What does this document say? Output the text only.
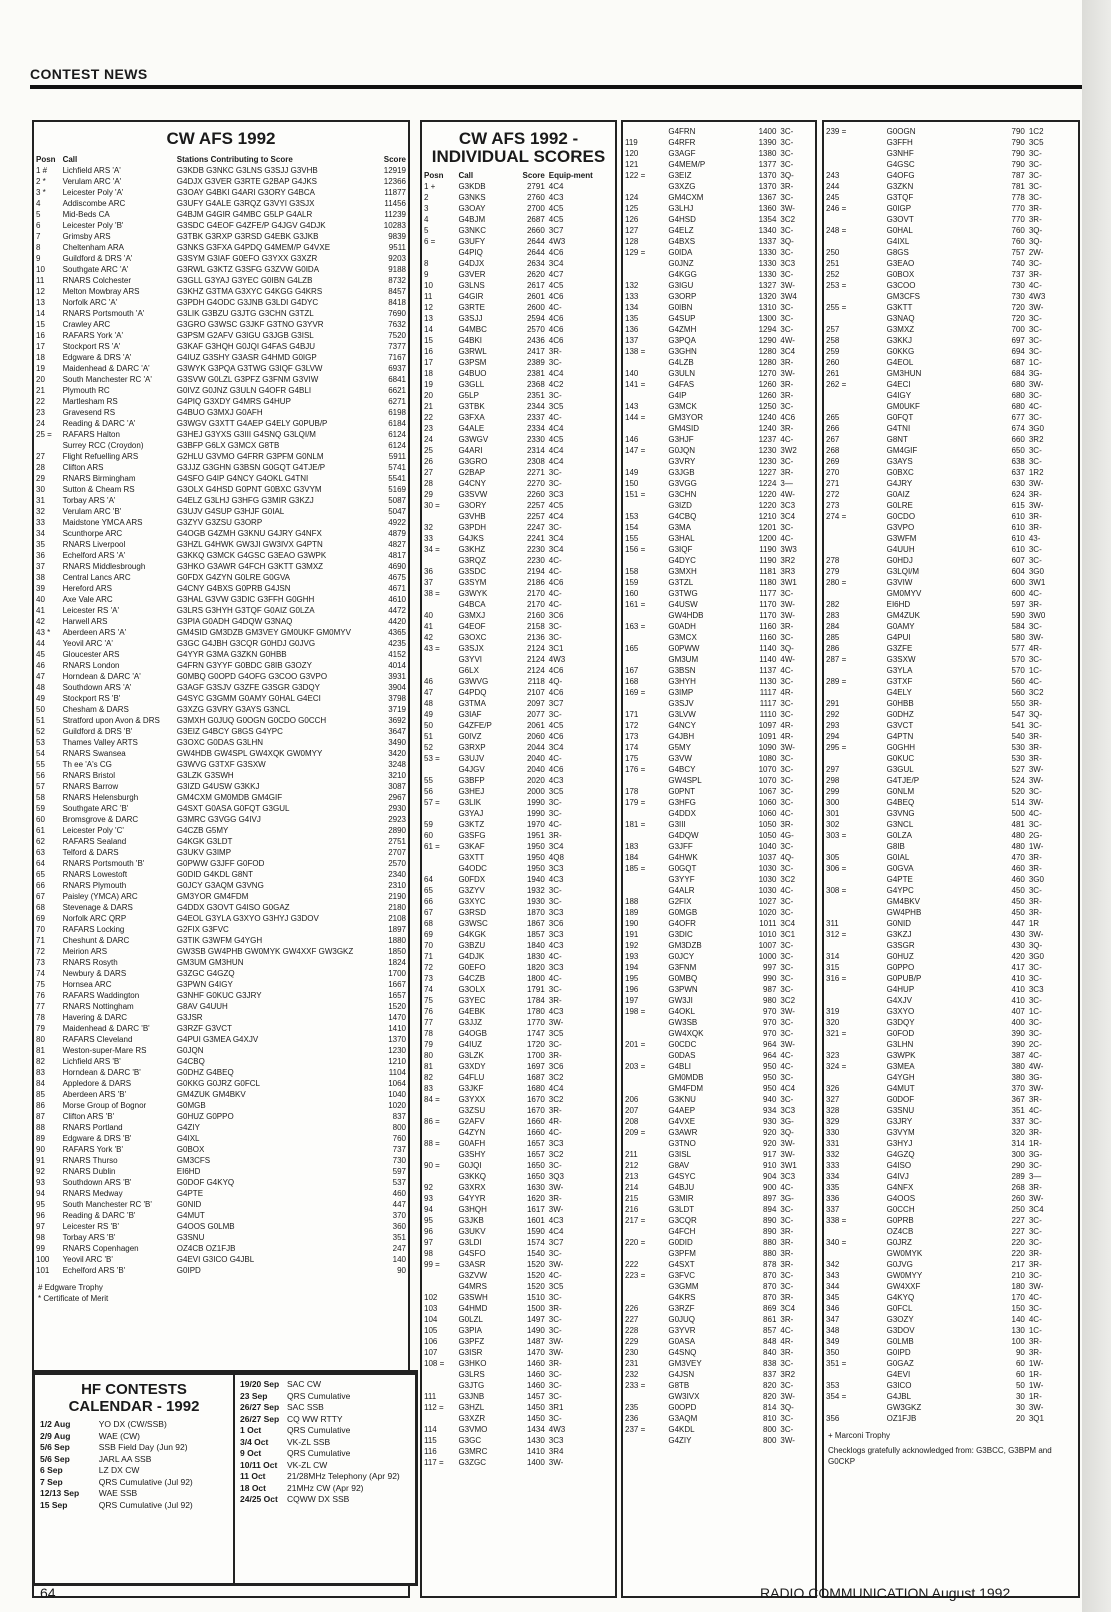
CONTEST NEWS
CW AFS 1992
Posn	Call	Stations Contributing to Score	Score
1 #	Lichfield ARS 'A'	G3KDB G3NKC G3LNS G3SJJ G3VHB	12919
2 *	Verulam ARC 'A'	G4DJX G3VER G3RTE G2BAP G4JKS	12366
3 *	Leicester Poly 'A'	G3OAY G4BKI G4ARI G3ORY G4BCA	11877
4	Addiscombe ARC	G3UFY G4ALE G3RQZ G3VYI G3SJX	11456
5	Mid-Beds CA	G4BJM G4GIR G4MBC G5LP G4ALR	11239
6	Leicester Poly 'B'	G3SDC G4EOF G4ZFE/P G4JGV G4DJK	10283
7	Grimsby ARS	G3TBK G3RXP G3RSD G4EBK G3JKB	9839
8	Cheltenham ARA	G3NKS G3FXA G4PDQ G4MEM/P G4VXE	9511
9	Guildford & DRS 'A'	G3SYM G3IAF G0EFO G3YXX G3XZR	9203
10	Southgate ARC 'A'	G3RWL G3KTZ G3SFG G3ZVW G0IDA	9188
11	RNARS Colchester	G3GLL G3YAJ G3YEC G0IBN G4LZB	8732
12	Melton Mowbray ARS	G3KHZ G3TMA G3XYC G4KGG G4KRS	8457
13	Norfolk ARC 'A'	G3PDH G4ODC G3JNB G3LDI G4DYC	8418
14	RNARS Portsmouth 'A'	G3LIK G3BZU G3JTG G3CHN G3TZL	7690
15	Crawley ARC	G3GRO G3WSC G3JKF G3TNO G3YVR	7632
16	RAFARS York 'A'	G3PSM G2AFV G3IGU G3JGB G3ISL	7520
17	Stockport RS 'A'	G3KAF G3HQH G0JQI G4FAS G4BJU	7377
18	Edgware & DRS 'A'	G4IUZ G3SHY G3ASR G4HMD G0IGP	7167
19	Maidenhead & DARC 'A'	G3WYK G3PQA G3TWG G3IQF G3LVW	6937
20	South Manchester RC 'A'	G3SVW G0LZL G3PFZ G3FNM G3VIW	6841
21	Plymouth RC	G0IVZ G0JNZ G3ULN G4OFR G4BLI	6621
22	Martlesham RS	G4PIQ G3XDY G4MRS G4HUP	6271
23	Gravesend RS	G4BUO G3MXJ G0AFH	6198
24	Reading & DARC 'A'	G3WGV G3XTT G4AEP G4ELY G0PUB/P	6184
25 =	RAFARS Halton	G3HEJ G3YXS G3III G4SNQ G3LQI/M	6124
	Surrey RCC (Croydon)	G3BFP G6LX G3MCX G8TB	6124
27	Flight Refuelling ARS	G2HLU G3VMO G4FRR G3PFM G0NLM	5911
28	Clifton ARS	G3JJZ G3GHN G3BSN G0GQT G4TJE/P	5741
29	RNARS Birmingham	G4SFO G4IP G4NCY G4OKL G4TNI	5541
30	Sutton & Cheam RS	G3OLX G4HSD G0PNT G0BXC G3VYM	5169
31	Torbay ARS 'A'	G4ELZ G3LHJ G3HFG G3MIR G3KZJ	5087
32	Verulam ARC 'B'	G3UJV G4SUP G3HJF G0IAL	5047
33	Maidstone YMCA ARS	G3ZYV G3ZSU G3ORP	4922
34	Scunthorpe ARC	G4OGB G4ZMH G3KNU G4JRY G4NFX	4879
35	RNARS Liverpool	G3HZL G4HWK GW3JI GW3IVX G4PTN	4827
36	Echelford ARS 'A'	G3KKQ G3MCK G4GSC G3EAO G3WPK	4817
37	RNARS Middlesbrough	G3HKO G3AWR G4FCH G3KTT G3MXZ	4690
38	Central Lancs ARC	G0FDX G4ZYN G0LRE G0GVA	4675
39	Hereford ARS	G4CNY G4BXS G0PRB G4JSN	4671
40	Axe Vale ARC	G3HAL G3VW G3DIC G3FFH G0GHH	4610
41	Leicester RS 'A'	G3LRS G3HYH G3TQF G0AIZ G0LZA	4472
42	Harwell ARS	G3PIA G0ADH G4DQW G3NAQ	4420
43 *	Aberdeen ARS 'A'	GM4SID GM3DZB GM3VEY GM0UKF GM0MYV	4365
44	Yeovil ARC 'A'	G3GC G4JBH G3CQR G0HDJ G0JVG	4235
45	Gloucester ARS	G4YYR G3MA G3ZKN G0HBB	4152
46	RNARS London	G4FRN G3YYF G0BDC G8IB G3OZY	4014
47	Horndean & DARC 'A'	G0MBQ G0OPD G4OFG G3COO G3VPO	3931
48	Southdown ARS 'A'	G3AGF G3SJV G3ZFE G3SGR G3DQY	3904
49	Stockport RS 'B'	G4SYC G3GMM G0AMY G0HAL G4ECI	3798
50	Chesham & DARS	G3XZG G3VRY G3AYS G3NCL	3719
51	Stratford upon Avon & DRS	G3MXH G0JUQ G0OGN G0CDO G0CCH	3692
52	Guildford & DRS 'B'	G3EIZ G4BCY G8GS G4YPC	3647
53	Thames Valley ARTS	G3OXC G0DAS G3LHN	3490
54	RNARS Swansea	GW4HDB GW4SPL GW4XQK GW0MYY	3420
55	Th ee 'A's CG	G3WVG G3TXF G3SXW	3248
56	RNARS Bristol	G3LZK G3SWH	3210
57	RNARS Barrow	G3IZD G4USW G3KKJ	3087
58	RNARS Helensburgh	GM4CXM GM0MDB GM4GIF	2967
59	Southgate ARC 'B'	G4SXT G0ASA G0FQT G3GUL	2930
60	Bromsgrove & DARC	G3MRC G3VGG G4IVJ	2923
61	Leicester Poly 'C'	G4CZB G5MY	2890
62	RAFARS Sealand	G4KGK G3LDT	2751
63	Telford & DARS	G3UKV G3IMP	2707
64	RNARS Portsmouth 'B'	G0PWW G3JFF G0FOD	2570
65	RNARS Lowestoft	G0DID G4KDL G8NT	2340
66	RNARS Plymouth	G0JCY G3AQM G3VNG	2310
67	Paisley (YMCA) ARC	GM3YOR GM4FDM	2190
68	Stevenage & DARS	G4DDX G3OVT G4ISO G0GAZ	2180
69	Norfolk ARC QRP	G4EOL G3YLA G3XYO G3HYJ G3DOV	2108
70	RAFARS Locking	G2FIX G3FVC	1897
71	Cheshunt & DARC	G3TIK G3WFM G4YGH	1880
72	Meirion ARS	GW3SB GW4PHB GW0MYK GW4XXF GW3GKZ	1850
73	RNARS Rosyth	GM3UM GM3HUN	1824
74	Newbury & DARS	G3ZGC G4GZQ	1700
75	Hornsea ARC	G3PWN G4IGY	1667
76	RAFARS Waddington	G3NHF G0KUC G3JRY	1657
77	RNARS Nottingham	G8AV G4UUH	1520
78	Havering & DARC	G3JSR	1470
79	Maidenhead & DARC 'B'	G3RZF G3VCT	1410
80	RAFARS Cleveland	G4PUI G3MEA G4XJV	1370
81	Weston-super-Mare RS	G0JQN	1230
82	Lichfield ARS 'B'	G4CBQ	1210
83	Horndean & DARC 'B'	G0DHZ G4BEQ	1104
84	Appledore & DARS	G0KKG G0JRZ G0FCL	1064
85	Aberdeen ARS 'B'	GM4ZUK GM4BKV	1040
86	Morse Group of Bognor	G0MGB	1020
87	Clifton ARS 'B'	G0HUZ G0PPO	837
88	RNARS Portland	G4ZIY	800
89	Edgware & DRS 'B'	G4IXL	760
90	RAFARS York 'B'	G0BOX	737
91	RNARS Thurso	GM3CFS	730
92	RNARS Dublin	EI6HD	597
93	Southdown ARS 'B'	G0DOF G4KYQ	537
94	RNARS Medway	G4PTE	460
95	South Manchester RC 'B'	G0NID	447
96	Reading & DARC 'B'	G4MUT	370
97	Leicester RS 'B'	G4OOS G0LMB	360
98	Torbay ARS 'B'	G3SNU	351
99	RNARS Copenhagen	OZ4CB OZ1FJB	247
100	Yeovil ARC 'B'	G4EVI G3ICO G4JBL	140
101	Echelford ARS 'B'	G0IPD	90
# Edgware Trophy
* Certificate of Merit
CW AFS 1992 -
INDIVIDUAL SCORES
Posn	Call	Score	Equip-ment
1 +	G3KDB	2791	4C4
2	G3NKS	2760	4C3
3	G3OAY	2700	4C5
4	G4BJM	2687	4C5
5	G3NKC	2660	3C7
6 =	G3UFY	2644	4W3
	G4PIQ	2644	4C6
8	G4DJX	2634	3C4
9	G3VER	2620	4C7
10	G3LNS	2617	4C5
11	G4GIR	2601	4C6
12	G3RTE	2600	4C-
13	G3SJJ	2594	4C6
14	G4MBC	2570	4C6
15	G4BKI	2436	4C6
16	G3RWL	2417	3R-
17	G3PSM	2389	3C-
18	G4BUO	2381	4C4
19	G3GLL	2368	4C2
20	G5LP	2351	3C-
21	G3TBK	2344	3C5
22	G3FXA	2337	4C-
23	G4ALE	2334	4C4
24	G3WGV	2330	4C5
25	G4ARI	2314	4C4
26	G3GRO	2308	4C4
27	G2BAP	2271	3C-
28	G4CNY	2270	3C-
29	G3SVW	2260	3C3
30 =	G3ORY	2257	4C5
	G3VHB	2257	4C4
32	G3PDH	2247	3C-
33	G4JKS	2241	3C4
34 =	G3KHZ	2230	3C4
	G3RQZ	2230	4C-
36	G3SDC	2194	4C-
37	G3SYM	2186	4C6
38 =	G3WYK	2170	4C-
	G4BCA	2170	4C-
40	G3MXJ	2160	3C6
41	G4EOF	2158	3C-
42	G3OXC	2136	3C-
43 =	G3SJX	2124	3C1
	G3YVI	2124	4W3
	G6LX	2124	4C6
46	G3WVG	2118	4Q-
47	G4PDQ	2107	4C6
48	G3TMA	2097	3C7
49	G3IAF	2077	3C-
50	G4ZFE/P	2061	4C5
51	G0IVZ	2060	4C6
52	G3RXP	2044	3C4
53 =	G3UJV	2040	4C-
	G4JGV	2040	4C6
55	G3BFP	2020	4C3
56	G3HEJ	2000	3C5
57 =	G3LIK	1990	3C-
	G3YAJ	1990	3C-
59	G3KTZ	1970	4C-
60	G3SFG	1951	3R-
61 =	G3KAF	1950	3C4
	G3XTT	1950	4Q8
	G4ODC	1950	3C3
64	G0FDX	1940	4C3
65	G3ZYV	1932	3C-
66	G3XYC	1930	3C-
67	G3RSD	1870	3C3
68	G3WSC	1867	3C6
69	G4KGK	1857	3C3
70	G3BZU	1840	4C3
71	G4DJK	1830	4C-
72	G0EFO	1820	3C3
73	G4CZB	1800	4C-
74	G3OLX	1791	3C-
75	G3YEC	1784	3R-
76	G4EBK	1780	4C3
77	G3JJZ	1770	3W-
78	G4OGB	1747	3C5
79	G4IUZ	1720	3C-
80	G3LZK	1700	3R-
81	G3XDY	1697	3C6
82	G4FLU	1687	3C2
83	G3JKF	1680	4C4
84 =	G3YXX	1670	3C2
	G3ZSU	1670	3R-
86 =	G2AFV	1660	4R-
	G4ZYN	1660	4C-
88 =	G0AFH	1657	3C3
	G3SHY	1657	3C2
90 =	G0JQI	1650	3C-
	G3KKQ	1650	3Q3
92	G3XRX	1630	3W-
93	G4YYR	1620	3R-
94	G3HQH	1617	3W-
95	G3JKB	1601	4C3
96	G3UKV	1590	4C4
97	G3LDI	1574	3C7
98	G4SFO	1540	3C-
99 =	G3ASR	1520	3W-
	G3ZVW	1520	4C-
	G4MRS	1520	3C5
102	G3SWH	1510	3C-
103	G4HMD	1500	3R-
104	G0LZL	1497	3C-
105	G3PIA	1490	3C-
106	G3PFZ	1487	3W-
107	G3ISR	1470	3W-
108 =	G3HKO	1460	3R-
	G3LRS	1460	3C-
	G3JTG	1460	3C-
111	G3JNB	1457	3C-
112 =	G3HZL	1450	3R1
	G3XZR	1450	3C-
114	G3VMO	1434	4W3
115	G3GC	1430	3C3
116	G3MRC	1410	3R4
117 =	G3ZGC	1400	3W-
	G4FRN	1400	3C-
119	G4RFR	1390	3C-
120	G3AGF	1380	3C-
121	G4MEM/P	1377	3C-
122 =	G3EIZ	1370	3Q-
	G3XZG	1370	3R-
124	GM4CXM	1367	3C-
125	G3LHJ	1360	3W-
126	G4HSD	1354	3C2
127	G4ELZ	1340	3C-
128	G4BXS	1337	3Q-
129 =	G0IDA	1330	3C-
	G0JNZ	1330	3C3
	G4KGG	1330	3C-
132	G3IGU	1327	3W-
133	G3ORP	1320	3W4
134	G0IBN	1310	3C-
135	G4SUP	1300	3C-
136	G4ZMH	1294	3C-
137	G3PQA	1290	4W-
138 =	G3GHN	1280	3C4
	G4LZB	1280	3R-
140	G3ULN	1270	3W-
141 =	G4FAS	1260	3R-
	G4IP	1260	3R-
143	G3MCK	1250	3C-
144 =	GM3YOR	1240	4C6
	GM4SID	1240	3R-
146	G3HJF	1237	4C-
147 =	G0JQN	1230	3W2
	G3VRY	1230	3C-
149	G3JGB	1227	3R-
150	G3VGG	1224	3—
151 =	G3CHN	1220	4W-
	G3IZD	1220	3C3
153	G4CBQ	1210	3C4
154	G3MA	1201	3C-
155	G3HAL	1200	4C-
156 =	G3IQF	1190	3W3
	G4DYC	1190	3R2
158	G3MXH	1181	3R3
159	G3TZL	1180	3W1
160	G3TWG	1177	3C-
161 =	G4USW	1170	3W-
	GW4HDB	1170	3W-
163 =	G0ADH	1160	3R-
	G3MCX	1160	3C-
165	G0PWW	1140	3Q-
	GM3UM	1140	4W-
167	G3BSN	1137	4C-
168	G3HYH	1130	3C-
169 =	G3IMP	1117	4R-
	G3SJV	1117	3C-
171	G3LVW	1110	3C-
172	G4NCY	1097	4R-
173	G4JBH	1091	4R-
174	G5MY	1090	3W-
175	G3VW	1080	3C-
176 =	G4BCY	1070	3C-
	GW4SPL	1070	3C-
178	G0PNT	1067	3C-
179 =	G3HFG	1060	3C-
	G4DDX	1060	4C-
181 =	G3III	1050	3R-
	G4DQW	1050	4G-
183	G3JFF	1040	3C-
184	G4HWK	1037	4Q-
185 =	G0GQT	1030	3C-
	G3YYF	1030	3C2
	G4ALR	1030	4C-
188	G2FIX	1027	3C-
189	G0MGB	1020	3C-
190	G4OFR	1011	3C4
191	G3DIC	1010	3C1
192	GM3DZB	1007	3C-
193	G0JCY	1000	3C-
194	G3FNM	997	3C-
195	G0MBQ	990	3C-
196	G3PWN	987	3C-
197	GW3JI	980	3C2
198 =	G4OKL	970	3W-
	GW3SB	970	3C-
	GW4XQK	970	3C-
201 =	G0CDC	964	3W-
	G0DAS	964	4C-
203 =	G4BLI	950	4C-
	GM0MDB	950	3C-
	GM4FDM	950	4C4
206	G3KNU	940	3C-
207	G4AEP	934	3C3
208	G4VXE	930	3G-
209 =	G3AWR	920	3Q-
	G3TNO	920	3W-
211	G3ISL	917	3W-
212	G8AV	910	3W1
213	G4SYC	904	3C3
214	G4BJU	900	4C-
215	G3MIR	897	3G-
216	G3LDT	894	3C-
217 =	G3CQR	890	3C-
	G4FCH	890	3R-
220 =	G0DID	880	3R-
	G3PFM	880	3R-
222	G4SXT	878	3R-
223 =	G3FVC	870	3C-
	G3GMM	870	3C-
	G4KRS	870	3R-
226	G3RZF	869	3C4
227	G0JUQ	861	3R-
228	G3YVR	857	4C-
229	G0ASA	848	4R-
230	G4SNQ	840	3R-
231	GM3VEY	838	3C-
232	G4JSN	837	3R2
233 =	G8TB	820	3C-
	GW3IVX	820	3W-
235	G0OPD	814	3Q-
236	G3AQM	810	3C-
237 =	G4KDL	800	3C-
	G4ZIY	800	3W-
239 =	G0OGN	790	1C2
	G3FFH	790	3C5
	G3NHF	790	3C-
	G4GSC	790	3C-
243	G4OFG	787	3C-
244	G3ZKN	781	3C-
245	G3TQF	778	3C-
246 =	G0IGP	770	3R-
	G3OVT	770	3R-
248 =	G0HAL	760	3Q-
	G4IXL	760	3Q-
250	G8GS	757	2W-
251	G3EAO	740	3C-
252	G0BOX	737	3R-
253 =	G3COO	730	4C-
	GM3CFS	730	4W3
255 =	G3KTT	720	3W-
	G3NAQ	720	3C-
257	G3MXZ	700	3C-
258	G3KKJ	697	3C-
259	G0KKG	694	3C-
260	G4EOL	687	1C-
261	GM3HUN	684	3G-
262 =	G4ECI	680	3W-
	G4IGY	680	3C-
	GM0UKF	680	4C-
265	G0FQT	677	3C-
266	G4TNI	674	3G0
267	G8NT	660	3R2
268	GM4GIF	650	3C-
269	G3AYS	638	3C-
270	G0BXC	637	1R2
271	G4JRY	630	3W-
272	G0AIZ	624	3R-
273	G0LRE	615	3W-
274 =	G0CDO	610	3R-
	G3VPO	610	3R-
	G3WFM	610	43-
	G4UUH	610	3C-
278	G0HDJ	607	3C-
279	G3LQI/M	604	3G0
280 =	G3VIW	600	3W1
	GM0MYV	600	4C-
282	EI6HD	597	3R-
283	GM4ZUK	590	3W0
284	G0AMY	584	3C-
285	G4PUI	580	3W-
286	G3ZFE	577	4R-
287 =	G3SXW	570	3C-
	G3YLA	570	1C-
289 =	G3TXF	560	4C-
	G4ELY	560	3C2
291	G0HBB	550	3R-
292	G0DHZ	547	3Q-
293	G3VCT	541	3C-
294	G4PTN	540	3R-
295 =	G0GHH	530	3R-
	G0KUC	530	3R-
297	G3GUL	527	3W-
298	G4TJE/P	524	3W-
299	G0NLM	520	3C-
300	G4BEQ	514	3W-
301	G3VNG	500	4C-
302	G3NCL	481	3C-
303 =	G0LZA	480	2G-
	G8IB	480	1W-
305	G0IAL	470	3R-
306 =	G0GVA	460	3R-
	G4PTE	460	3G0
308 =	G4YPC	450	3C-
	GM4BKV	450	3R-
	GW4PHB	450	3R-
311	G0NID	447	1R
312 =	G3KZJ	430	3W-
	G3SGR	430	3Q-
314	G0HUZ	420	3G0
315	G0PPO	417	3C-
316 =	G0PUB/P	410	3C-
	G4HUP	410	3C3
	G4XJV	410	3C-
319	G3XYO	407	1C-
320	G3DQY	400	3C-
321 =	G0FOD	390	3C-
	G3LHN	390	2C-
323	G3WPK	387	4C-
324 =	G3MEA	380	4W-
	G4YGH	380	3G-
326	G4MUT	370	3W-
327	G0DOF	367	3R-
328	G3SNU	351	4C-
329	G3JRY	337	3C-
330	G3VYM	320	3R-
331	G3HYJ	314	1R-
332	G4GZQ	300	3G-
333	G4ISO	290	3C-
334	G4IVJ	289	3—
335	G4NFX	268	3R-
336	G4OOS	260	3W-
337	G0CCH	250	3C4
338 =	G0PRB	227	3C-
	OZ4CB	227	3C-
340 =	G0JRZ	220	3C-
	GW0MYK	220	3R-
342	G0JVG	217	3R-
343	GW0MYY	210	3C-
344	GW4XXF	180	3W-
345	G4KYQ	170	4C-
346	G0FCL	150	3C-
347	G3OZY	140	4C-
348	G3DOV	130	1C-
349	G0LMB	100	3R-
350	G0IPD	90	3R-
351 =	G0GAZ	60	1W-
	G4EVI	60	1R-
353	G3ICO	50	1W-
354 =	G4JBL	30	1R-
	GW3GKZ	30	3W-
356	OZ1FJB	20	3Q1
+ Marconi Trophy
Checklogs gratefully acknowledged from: G3BCC, G3BPM and G0CKP
HF CONTESTS
CALENDAR - 1992
1/2 Aug	YO DX (CW/SSB)
2/9 Aug	WAE (CW)
5/6 Sep	SSB Field Day (Jun 92)
5/6 Sep	JARL AA SSB
6 Sep	LZ DX CW
7 Sep	QRS Cumulative (Jul 92)
12/13 Sep	WAE SSB
15 Sep	QRS Cumulative (Jul 92)
19/20 Sep	SAC CW
23 Sep	QRS Cumulative
26/27 Sep	SAC SSB
26/27 Sep	CQ WW RTTY
1 Oct	QRS Cumulative
3/4 Oct	VK-ZL SSB
9 Oct	QRS Cumulative
10/11 Oct	VK-ZL CW
11 Oct	21/28MHz Telephony (Apr 92)
18 Oct	21MHz CW (Apr 92)
24/25 Oct	CQWW DX SSB
64	RADIO COMMUNICATION August 1992
